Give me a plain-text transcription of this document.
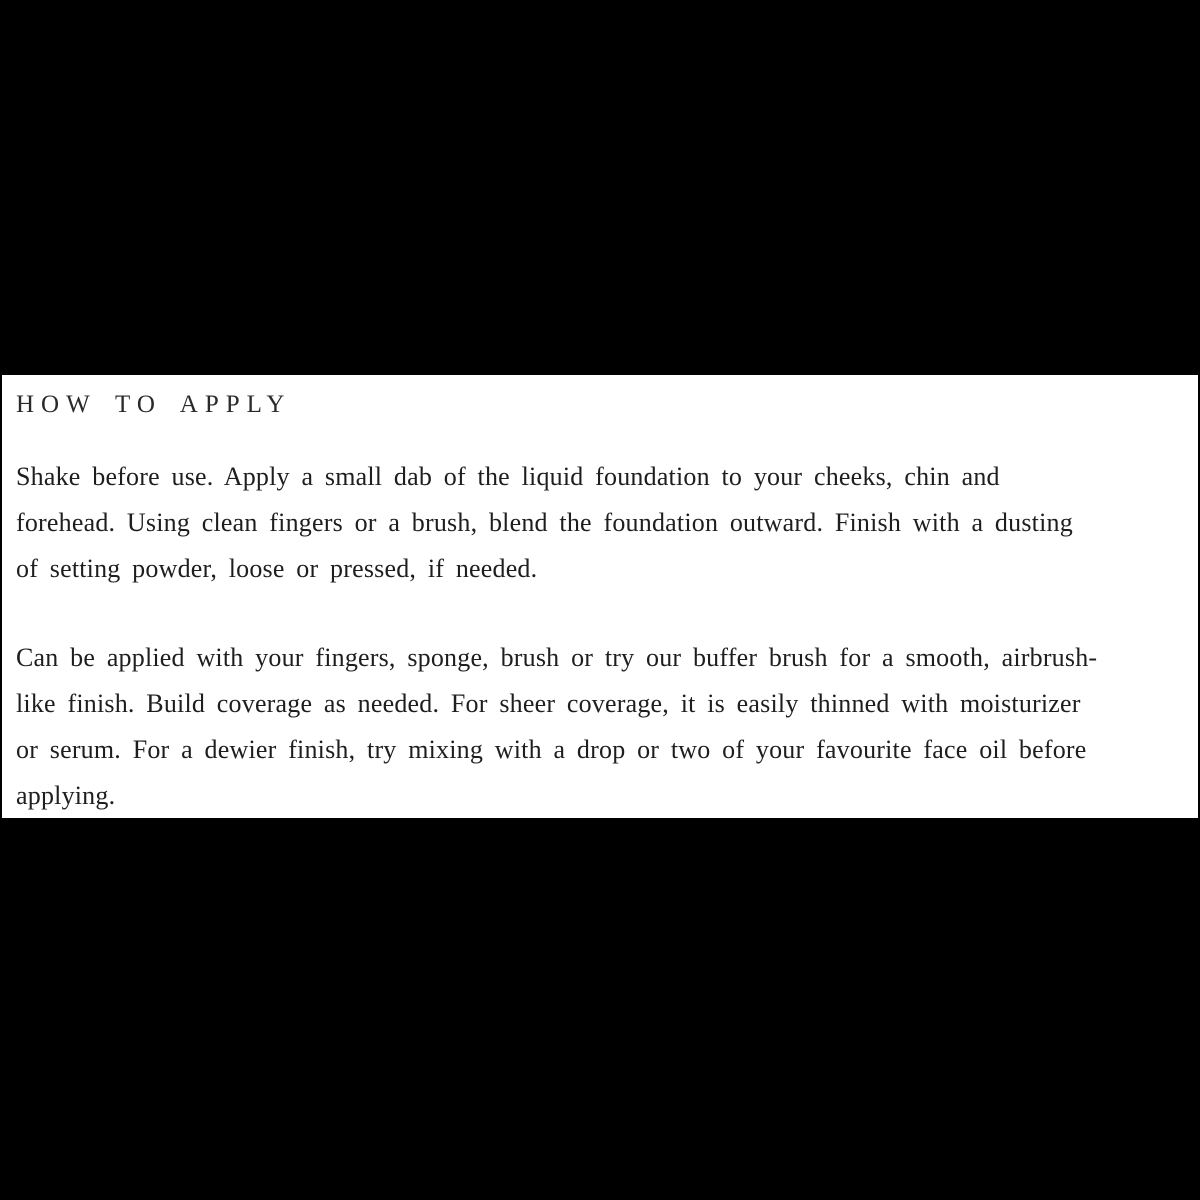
HOW TO APPLY

Shake before use. Apply a small dab of the liquid foundation to your cheeks, chin and
forehead. Using clean fingers or a brush, blend the foundation outward. Finish with a dusting
of setting powder, loose or pressed, if needed.

Can be applied with your fingers, sponge, brush or try our buffer brush for a smooth, airbrush-
like finish. Build coverage as needed. For sheer coverage, it is easily thinned with moisturizer
or serum. For a dewier finish, try mixing with a drop or two of your favourite face oil before
applying.
